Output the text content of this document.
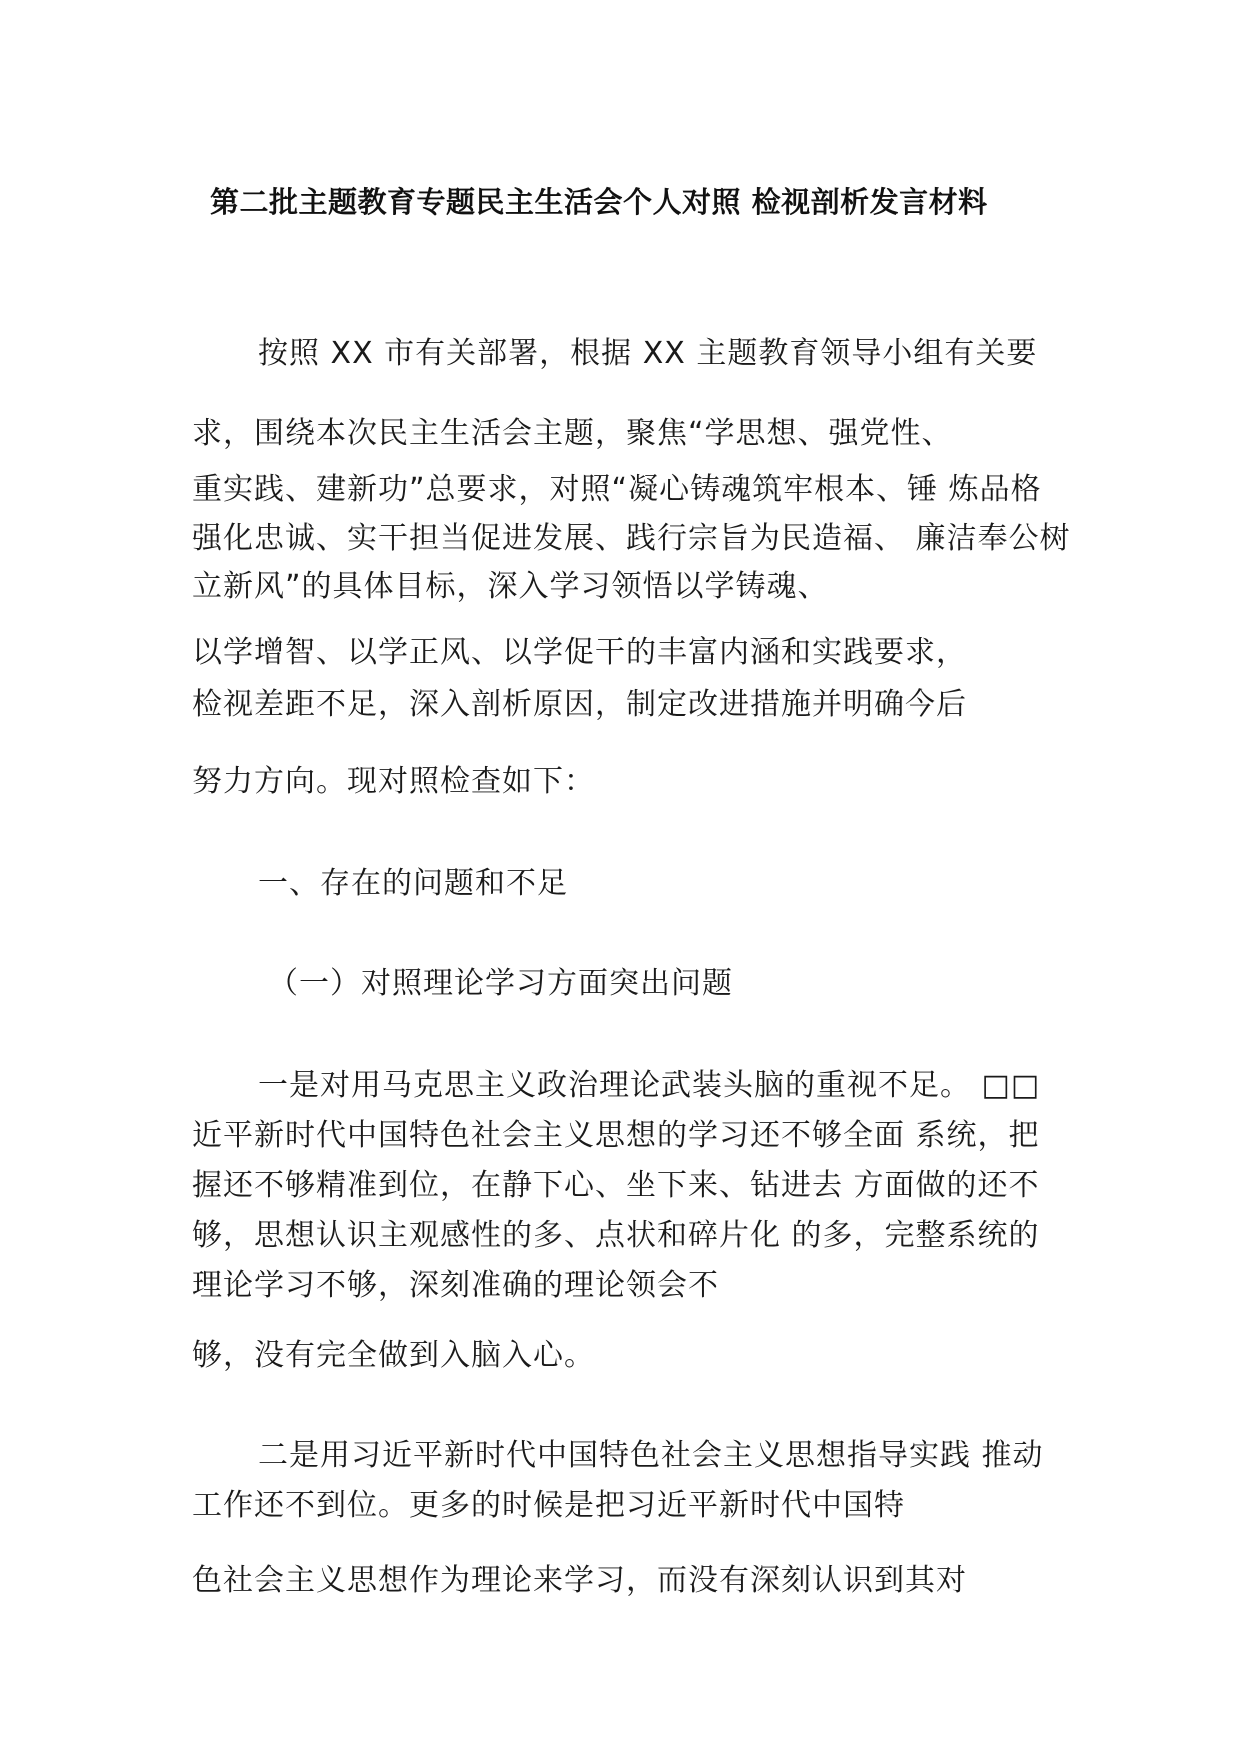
第二批主题教育专题民主生活会个人对照 检视剖析发言材料
按照 XX 市有关部署，根据 XX 主题教育领导小组有关要
求，围绕本次民主生活会主题，聚焦“学思想、强党性、
重实践、建新功”总要求，对照“凝心铸魂筑牢根本、锤 炼品格
强化忠诚、实干担当促进发展、践行宗旨为民造福、 廉洁奉公树
立新风”的具体目标，深入学习领悟以学铸魂、
以学增智、以学正风、以学促干的丰富内涵和实践要求，
检视差距不足，深入剖析原因，制定改进措施并明确今后
努力方向。现对照检查如下：
一、存在的问题和不足
（一）对照理论学习方面突出问题
一是对用马克思主义政治理论武装头脑的重视不足。 □□
近平新时代中国特色社会主义思想的学习还不够全面 系统，把
握还不够精准到位，在静下心、坐下来、钻进去 方面做的还不
够，思想认识主观感性的多、点状和碎片化 的多，完整系统的
理论学习不够，深刻准确的理论领会不
够，没有完全做到入脑入心。
二是用习近平新时代中国特色社会主义思想指导实践 推动
工作还不到位。更多的时候是把习近平新时代中国特
色社会主义思想作为理论来学习，而没有深刻认识到其对
